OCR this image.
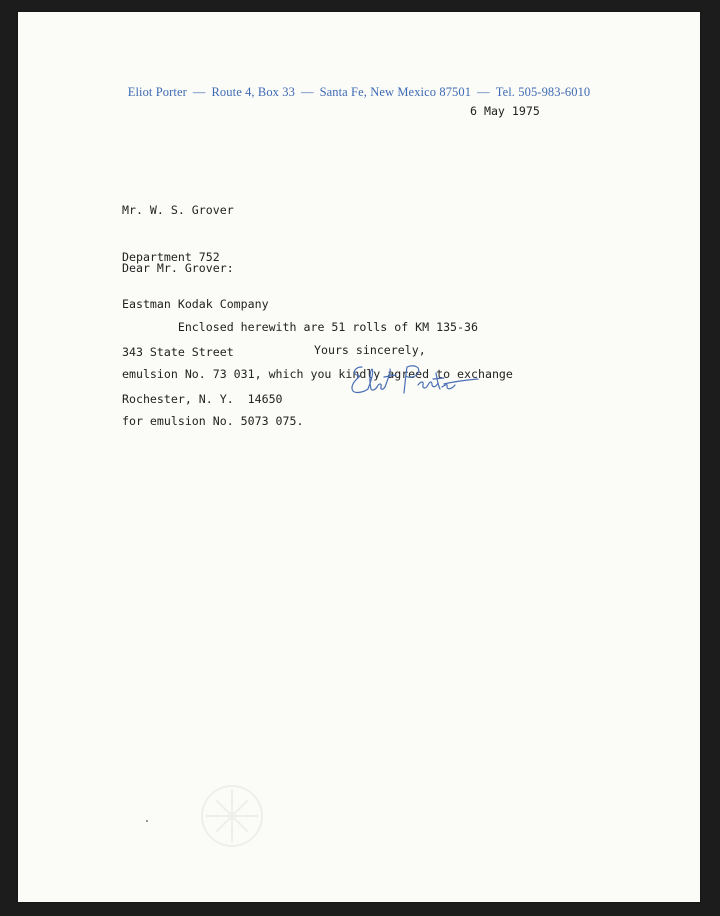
Eliot Porter — Route 4, Box 33 — Santa Fe, New Mexico 87501 — Tel. 505-983-6010
6 May 1975

Mr. W. S. Grover

Department 752

Eastman Kodak Company

343 State Street

Rochester, N. Y.  14650

Dear Mr. Grover:

Enclosed herewith are 51 rolls of KM 135-36

emulsion No. 73 031, which you kindly agreed to exchange

for emulsion No. 5073 075.

Yours sincerely,
